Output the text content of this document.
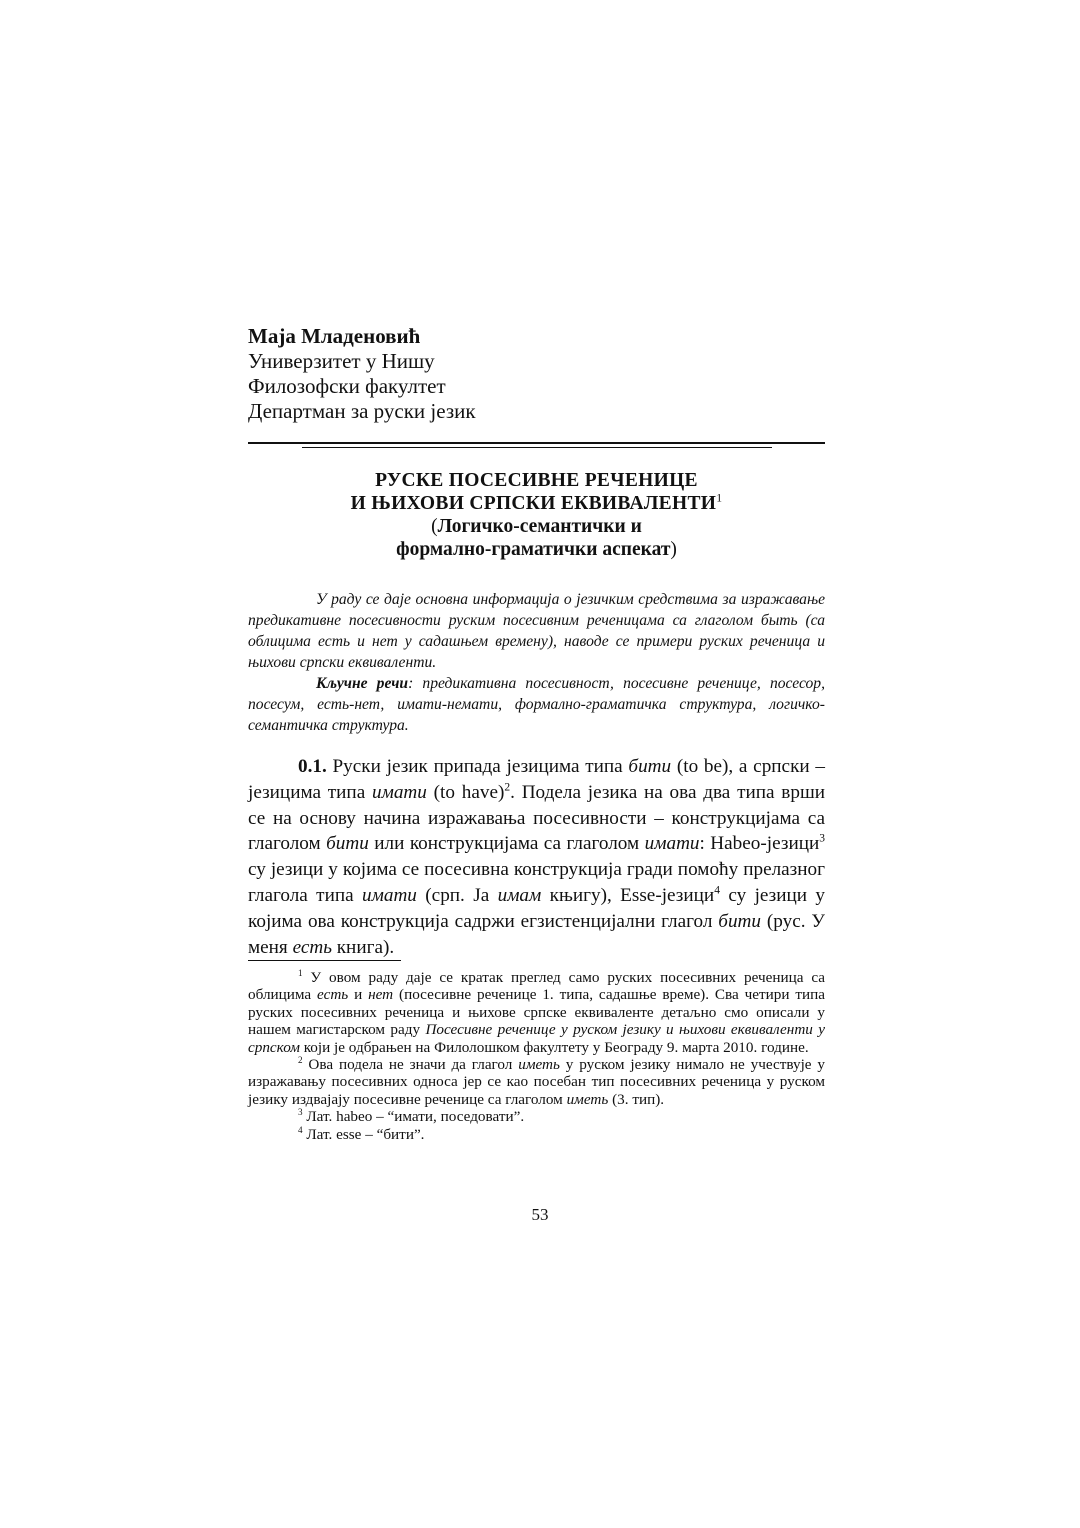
Маја Младеновић
Универзитет у Нишу
Филозофски факултет
Департман за руски језик
РУСКЕ ПОСЕСИВНЕ РЕЧЕНИЦЕ
И ЊИХОВИ СРПСКИ ЕКВИВАЛЕНТИ$^1$
(Логичко-семантички и
формално-граматички аспекат)

У раду се даје основна информација о језичким средствима за изражавање предикативне посесивности руским посесивним реченицама са глаголом быть (са облицима есть и нет у садашњем времену), наводе се примери руских реченица и њихови српски еквиваленти.

Кључне речи: предикативна посесивност, посесивне реченице, посесор, посесум, есть-нет, имати-немати, формално-граматичка структура, логичко-семантичка структура.

0.1. Руски језик припада језицима типа бити (to be), а српски – језицима типа имати (to have)$^2$. Подела језика на ова два типа врши се на основу начина изражавања посесивности – конструкцијама са глаголом бити или конструкцијама са глаголом имати: Habeo-језици$^3$ су језици у којима се посесивна конструкција гради помоћу прелазног глагола типа имати (срп. Ја имам књигу), Esse-језици$^4$ су језици у којима ова конструкција садржи егзистенцијални глагол бити (рус. У меня есть книга).

$^1$ У овом раду даје се кратак преглед само руских посесивних реченица са облицима есть и нет (посесивне реченице 1. типа, садашње време). Сва четири типа руских посесивних реченица и њихове српске еквиваленте детаљно смо описали у нашем магистарском раду Посесивне реченице у руском језику и њихови еквиваленти у српском који је одбрањен на Филолошком факултету у Београду 9. марта 2010. године.

$^2$ Ова подела не значи да глагол иметь у руском језику нимало не учествује у изражавању посесивних односа јер се као посебан тип посесивних реченица у руском језику издвајају посесивне реченице са глаголом иметь (3. тип).

$^3$ Лат. habeo – “имати, поседовати”.

$^4$ Лат. esse – “бити”.

53
